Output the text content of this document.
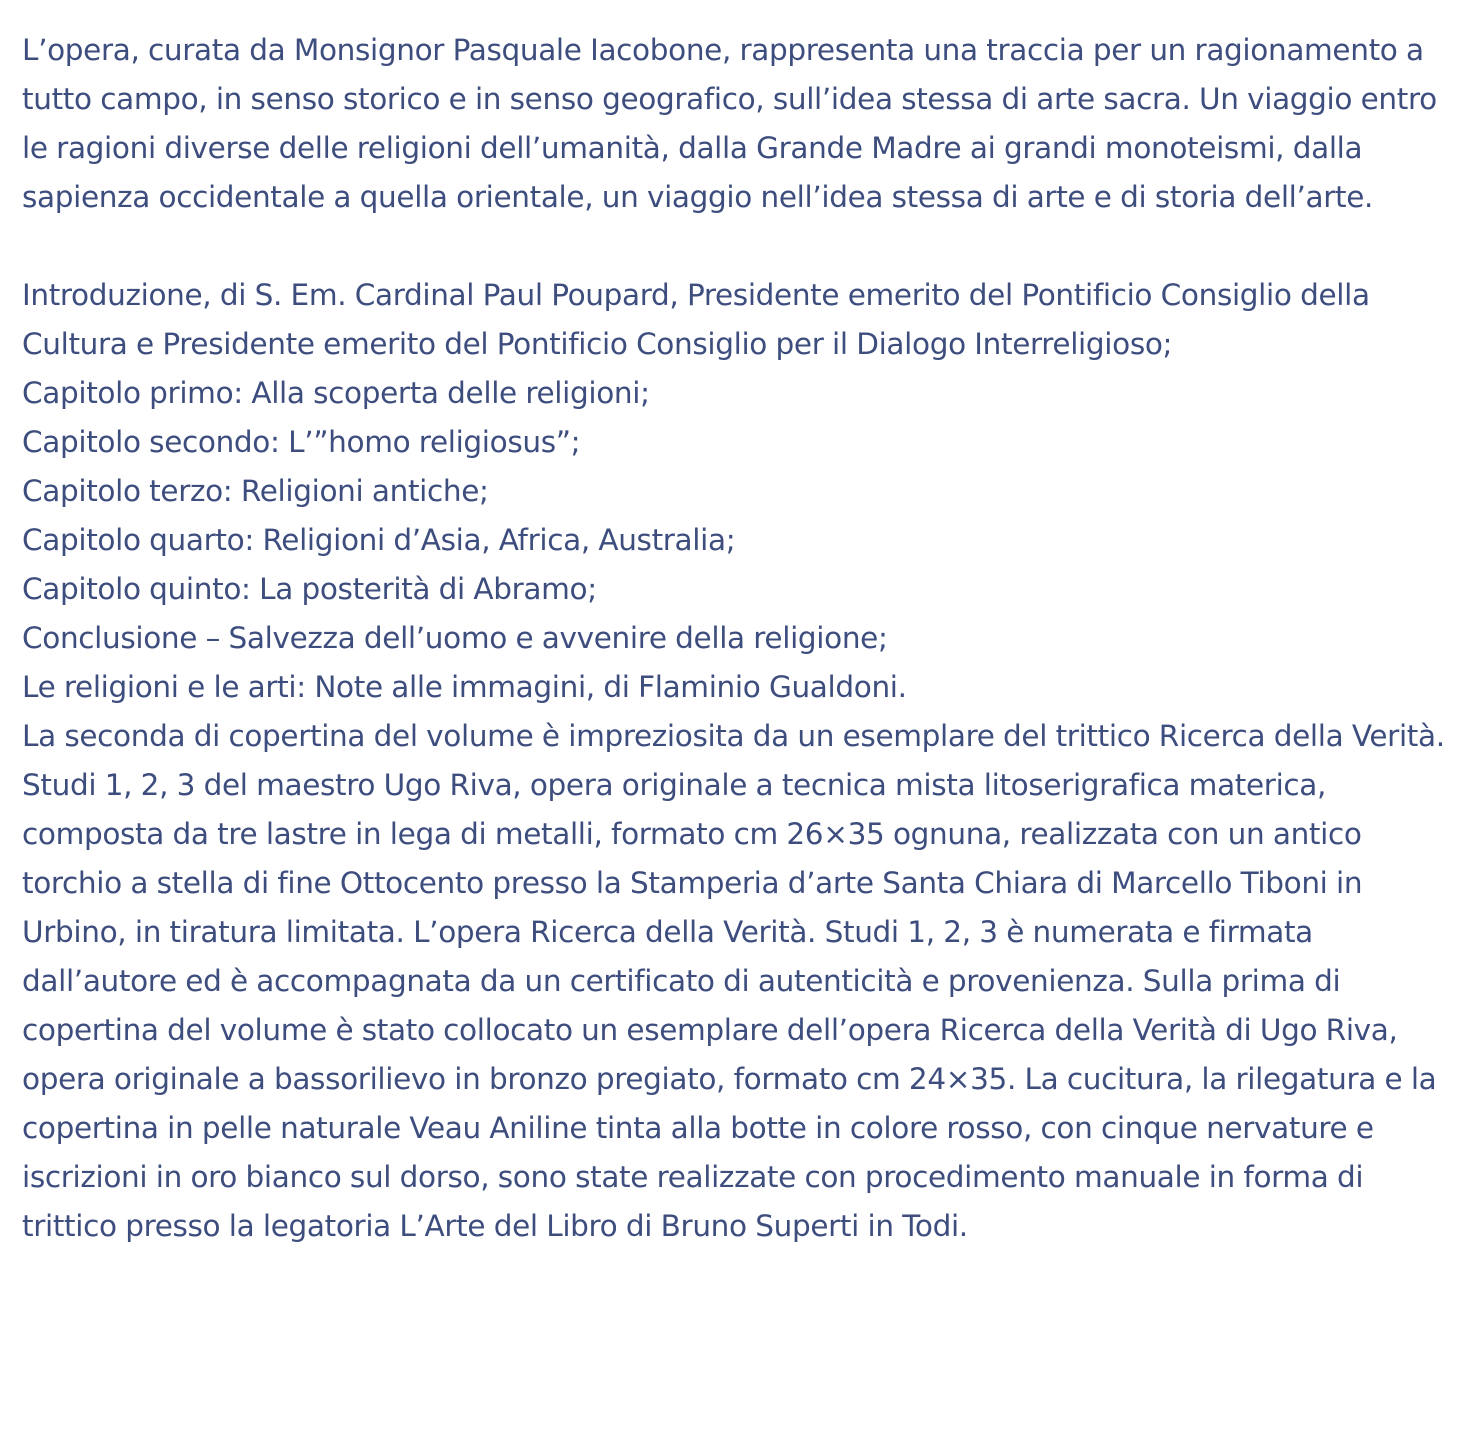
L’opera, curata da Monsignor Pasquale Iacobone, rappresenta una traccia per un ragionamento a tutto campo, in senso storico e in senso geografico, sull’idea stessa di arte sacra. Un viaggio entro le ragioni diverse delle religioni dell’umanità, dalla Grande Madre ai grandi monoteismi, dalla sapienza occidentale a quella orientale, un viaggio nell’idea stessa di arte e di storia dell’arte.

Introduzione, di S. Em. Cardinal Paul Poupard, Presidente emerito del Pontificio Consiglio della Cultura e Presidente emerito del Pontificio Consiglio per il Dialogo Interreligioso;
Capitolo primo: Alla scoperta delle religioni;
Capitolo secondo: L’”homo religiosus”;
Capitolo terzo: Religioni antiche;
Capitolo quarto: Religioni d’Asia, Africa, Australia;
Capitolo quinto: La posterità di Abramo;
Conclusione – Salvezza dell’uomo e avvenire della religione;
Le religioni e le arti: Note alle immagini, di Flaminio Gualdoni.
La seconda di copertina del volume è impreziosita da un esemplare del trittico Ricerca della Verità. Studi 1, 2, 3 del maestro Ugo Riva, opera originale a tecnica mista litoserigrafica materica, composta da tre lastre in lega di metalli, formato cm 26×35 ognuna, realizzata con un antico torchio a stella di fine Ottocento presso la Stamperia d’arte Santa Chiara di Marcello Tiboni in Urbino, in tiratura limitata. L’opera Ricerca della Verità. Studi 1, 2, 3 è numerata e firmata dall’autore ed è accompagnata da un certificato di autenticità e provenienza. Sulla prima di copertina del volume è stato collocato un esemplare dell’opera Ricerca della Verità di Ugo Riva, opera originale a bassorilievo in bronzo pregiato, formato cm 24×35. La cucitura, la rilegatura e la copertina in pelle naturale Veau Aniline tinta alla botte in colore rosso, con cinque nervature e iscrizioni in oro bianco sul dorso, sono state realizzate con procedimento manuale in forma di trittico presso la legatoria L’Arte del Libro di Bruno Superti in Todi.
